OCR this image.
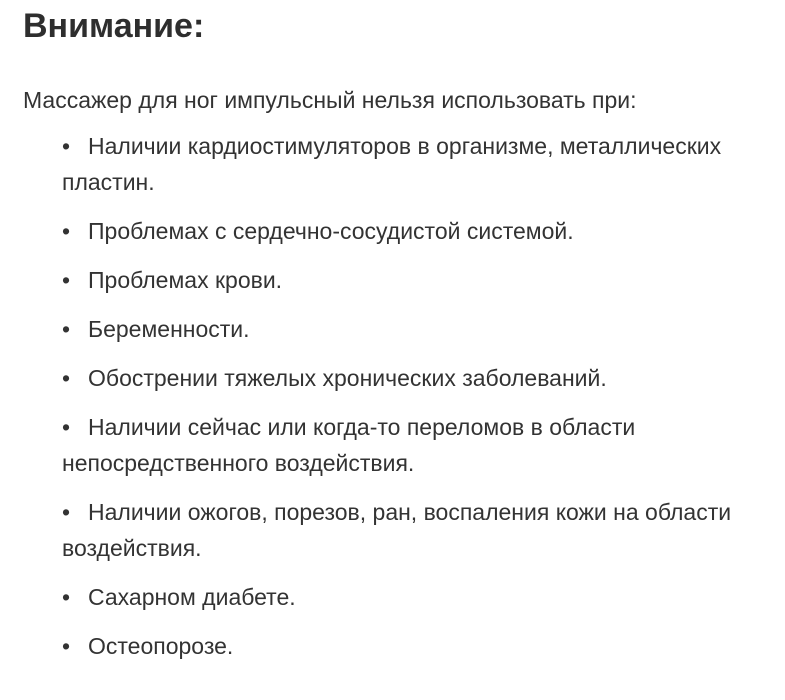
Внимание:

Массажер для ног импульсный нельзя использовать при:

• Наличии кардиостимуляторов в организме, металлических пластин.
• Проблемах с сердечно-сосудистой системой.
• Проблемах крови.
• Беременности.
• Обострении тяжелых хронических заболеваний.
• Наличии сейчас или когда-то переломов в области непосредственного воздействия.
• Наличии ожогов, порезов, ран, воспаления кожи на области воздействия.
• Сахарном диабете.
• Остеопорозе.
